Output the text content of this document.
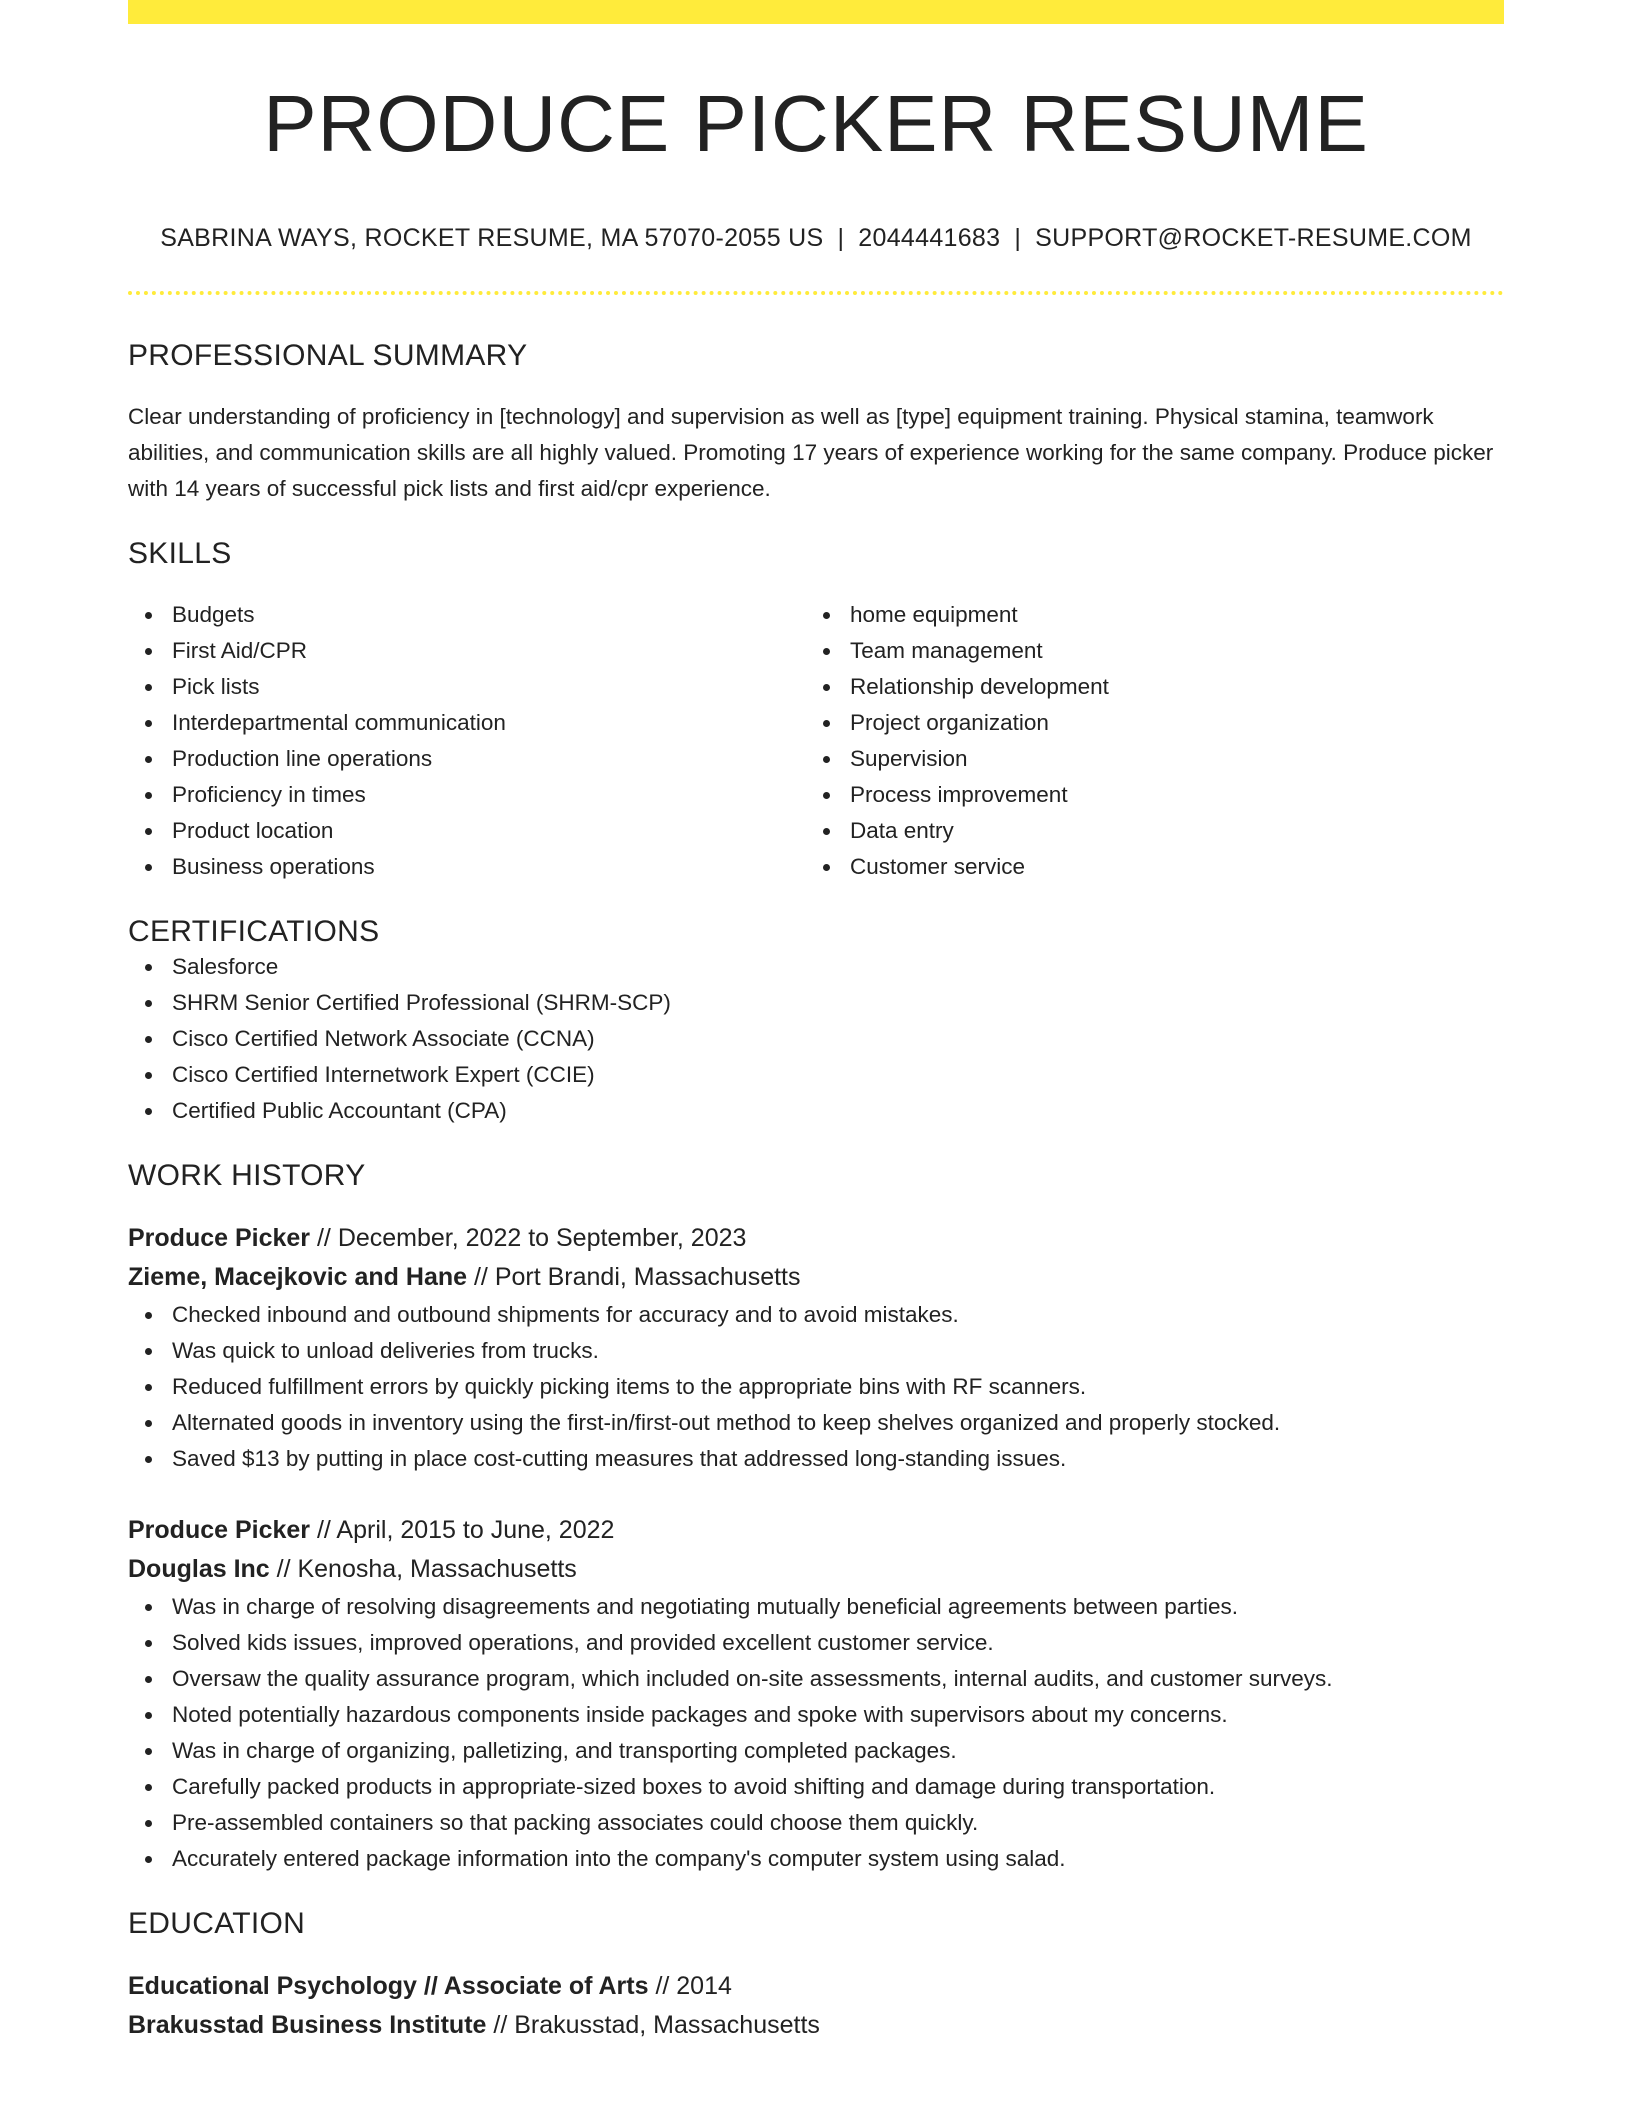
PRODUCE PICKER RESUME
SABRINA WAYS, ROCKET RESUME, MA 57070-2055 US | 2044441683 | SUPPORT@ROCKET-RESUME.COM
PROFESSIONAL SUMMARY
Clear understanding of proficiency in [technology] and supervision as well as [type] equipment training. Physical stamina, teamwork abilities, and communication skills are all highly valued. Promoting 17 years of experience working for the same company. Produce picker with 14 years of successful pick lists and first aid/cpr experience.
SKILLS
Budgets
First Aid/CPR
Pick lists
Interdepartmental communication
Production line operations
Proficiency in times
Product location
Business operations
home equipment
Team management
Relationship development
Project organization
Supervision
Process improvement
Data entry
Customer service
CERTIFICATIONS
Salesforce
SHRM Senior Certified Professional (SHRM-SCP)
Cisco Certified Network Associate (CCNA)
Cisco Certified Internetwork Expert (CCIE)
Certified Public Accountant (CPA)
WORK HISTORY
Produce Picker // December, 2022 to September, 2023
Zieme, Macejkovic and Hane // Port Brandi, Massachusetts
Checked inbound and outbound shipments for accuracy and to avoid mistakes.
Was quick to unload deliveries from trucks.
Reduced fulfillment errors by quickly picking items to the appropriate bins with RF scanners.
Alternated goods in inventory using the first-in/first-out method to keep shelves organized and properly stocked.
Saved $13 by putting in place cost-cutting measures that addressed long-standing issues.
Produce Picker // April, 2015 to June, 2022
Douglas Inc // Kenosha, Massachusetts
Was in charge of resolving disagreements and negotiating mutually beneficial agreements between parties.
Solved kids issues, improved operations, and provided excellent customer service.
Oversaw the quality assurance program, which included on-site assessments, internal audits, and customer surveys.
Noted potentially hazardous components inside packages and spoke with supervisors about my concerns.
Was in charge of organizing, palletizing, and transporting completed packages.
Carefully packed products in appropriate-sized boxes to avoid shifting and damage during transportation.
Pre-assembled containers so that packing associates could choose them quickly.
Accurately entered package information into the company's computer system using salad.
EDUCATION
Educational Psychology // Associate of Arts // 2014
Brakusstad Business Institute // Brakusstad, Massachusetts
